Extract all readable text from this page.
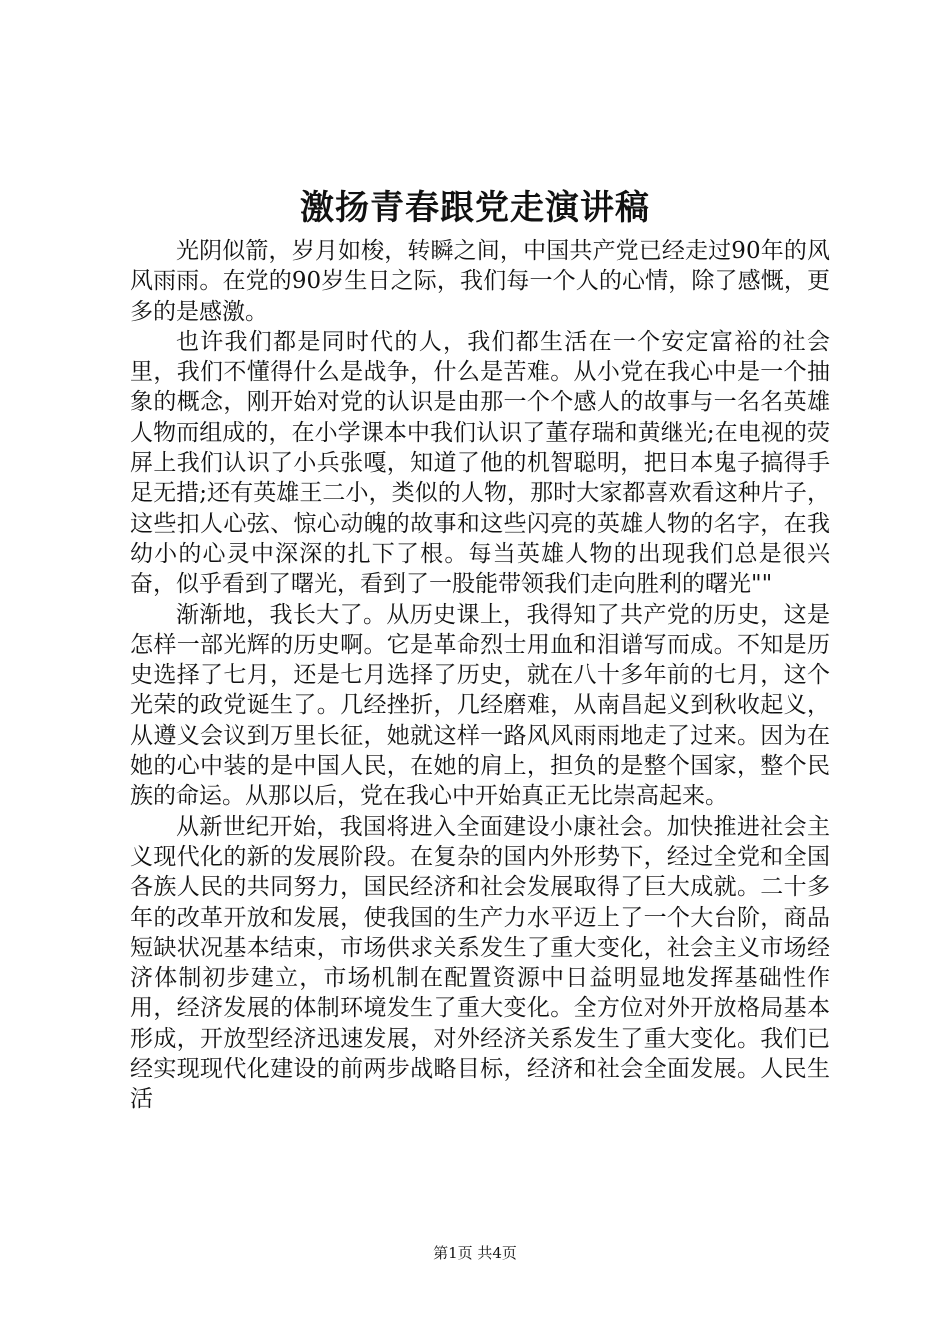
激扬青春跟党走演讲稿

光阴似箭，岁月如梭，转瞬之间，中国共产党已经走过90年的风风雨雨。在党的90岁生日之际，我们每一个人的心情，除了感慨，更多的是感激。

也许我们都是同时代的人，我们都生活在一个安定富裕的社会里，我们不懂得什么是战争，什么是苦难。从小党在我心中是一个抽象的概念，刚开始对党的认识是由那一个个感人的故事与一名名英雄人物而组成的，在小学课本中我们认识了董存瑞和黄继光;在电视的荧屏上我们认识了小兵张嘎，知道了他的机智聪明，把日本鬼子搞得手足无措;还有英雄王二小，类似的人物，那时大家都喜欢看这种片子，这些扣人心弦、惊心动魄的故事和这些闪亮的英雄人物的名字，在我幼小的心灵中深深的扎下了根。每当英雄人物的出现我们总是很兴奋，似乎看到了曙光，看到了一股能带领我们走向胜利的曙光""

渐渐地，我长大了。从历史课上，我得知了共产党的历史，这是怎样一部光辉的历史啊。它是革命烈士用血和泪谱写而成。不知是历史选择了七月，还是七月选择了历史，就在八十多年前的七月，这个光荣的政党诞生了。几经挫折，几经磨难，从南昌起义到秋收起义，从遵义会议到万里长征，她就这样一路风风雨雨地走了过来。因为在她的心中装的是中国人民，在她的肩上，担负的是整个国家，整个民族的命运。从那以后，党在我心中开始真正无比崇高起来。

从新世纪开始，我国将进入全面建设小康社会。加快推进社会主义现代化的新的发展阶段。在复杂的国内外形势下，经过全党和全国各族人民的共同努力，国民经济和社会发展取得了巨大成就。二十多年的改革开放和发展，使我国的生产力水平迈上了一个大台阶，商品短缺状况基本结束，市场供求关系发生了重大变化，社会主义市场经济体制初步建立，市场机制在配置资源中日益明显地发挥基础性作用，经济发展的体制环境发生了重大变化。全方位对外开放格局基本形成，开放型经济迅速发展，对外经济关系发生了重大变化。我们已经实现现代化建设的前两步战略目标，经济和社会全面发展。人民生活

第1页 共4页
